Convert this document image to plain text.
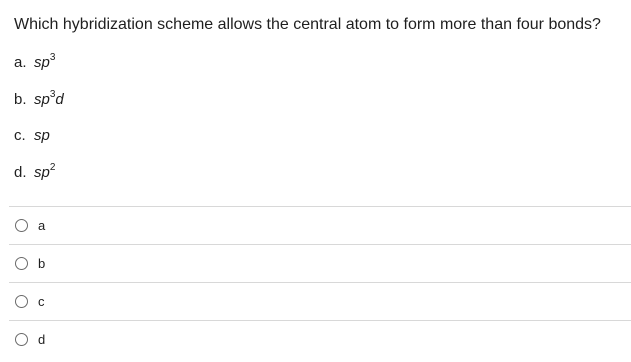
Which hybridization scheme allows the central atom to form more than four bonds?
a. $sp^3$
b. $sp^3d$
c. sp
d. $sp^2$
a
b
c
d
